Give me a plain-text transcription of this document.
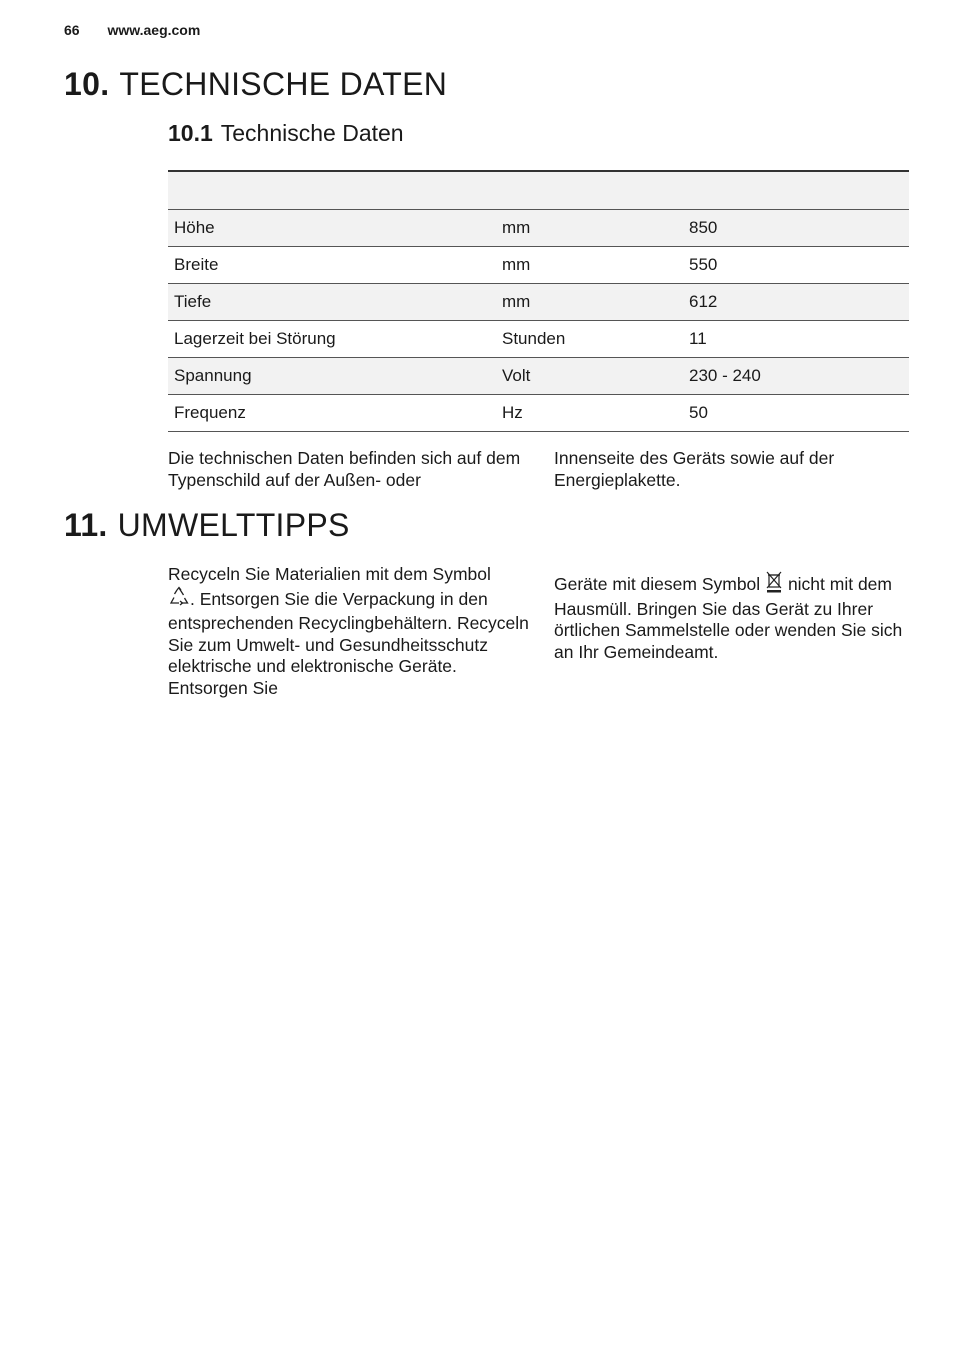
66 www.aeg.com
10. TECHNISCHE DATEN
10.1 Technische Daten

Höhe	mm	850
Breite	mm	550
Tiefe	mm	612
Lagerzeit bei Störung	Stunden	11
Spannung	Volt	230 - 240
Frequenz	Hz	50

Die technischen Daten befinden sich auf dem Typenschild auf der Außen- oder

Innenseite des Geräts sowie auf der Energieplakette.

11. UMWELTTIPPS

Recyceln Sie Materialien mit dem Symbol
. Entsorgen Sie die Verpackung in den entsprechenden Recyclingbehältern. Recyceln Sie zum Umwelt- und Gesundheitsschutz elektrische und elektronische Geräte. Entsorgen Sie

Geräte mit diesem Symbol nicht mit dem Hausmüll. Bringen Sie das Gerät zu Ihrer örtlichen Sammelstelle oder wenden Sie sich an Ihr Gemeindeamt.
